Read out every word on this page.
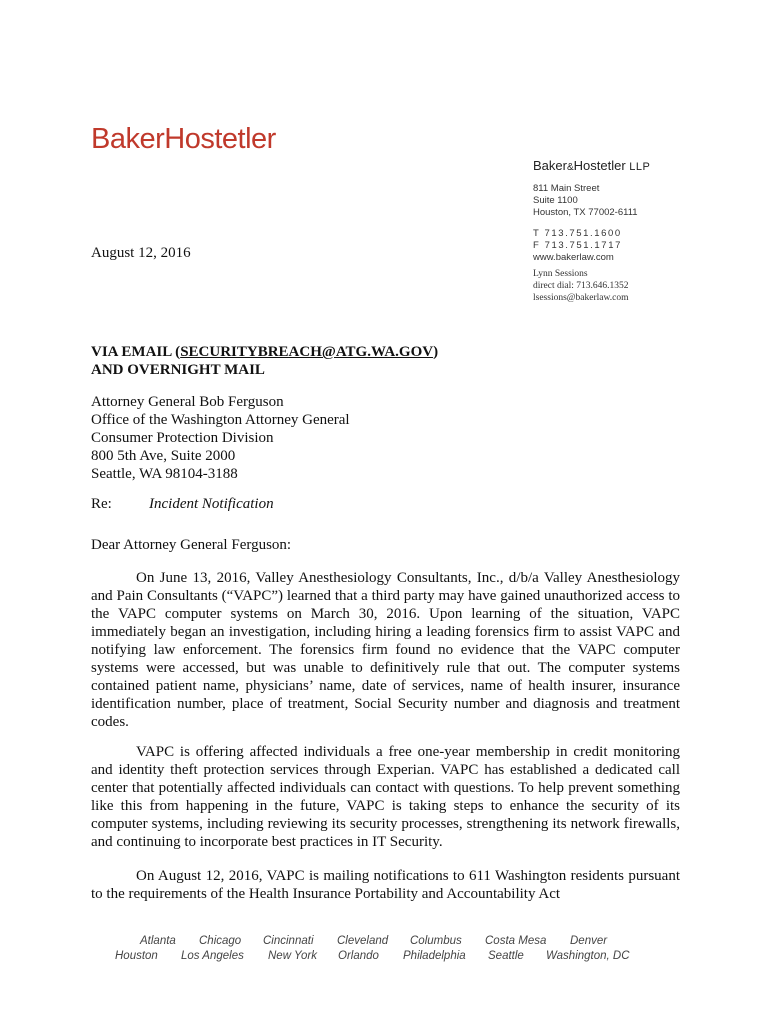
BakerHostetler
Baker&Hostetler LLP
811 Main Street
Suite 1100
Houston, TX 77002-6111
T 713.751.1600
F 713.751.1717
www.bakerlaw.com
Lynn Sessions
direct dial: 713.646.1352
lsessions@bakerlaw.com
August 12, 2016
VIA EMAIL (SECURITYBREACH@ATG.WA.GOV)
AND OVERNIGHT MAIL
Attorney General Bob Ferguson
Office of the Washington Attorney General
Consumer Protection Division
800 5th Ave, Suite 2000
Seattle, WA 98104-3188
Re: Incident Notification
Dear Attorney General Ferguson:
On June 13, 2016, Valley Anesthesiology Consultants, Inc., d/b/a Valley Anesthesiology and Pain Consultants (“VAPC”) learned that a third party may have gained unauthorized access to the VAPC computer systems on March 30, 2016. Upon learning of the situation, VAPC immediately began an investigation, including hiring a leading forensics firm to assist VAPC and notifying law enforcement. The forensics firm found no evidence that the VAPC computer systems were accessed, but was unable to definitively rule that out. The computer systems contained patient name, physicians’ name, date of services, name of health insurer, insurance identification number, place of treatment, Social Security number and diagnosis and treatment codes.
VAPC is offering affected individuals a free one-year membership in credit monitoring and identity theft protection services through Experian. VAPC has established a dedicated call center that potentially affected individuals can contact with questions. To help prevent something like this from happening in the future, VAPC is taking steps to enhance the security of its computer systems, including reviewing its security processes, strengthening its network firewalls, and continuing to incorporate best practices in IT Security.
On August 12, 2016, VAPC is mailing notifications to 611 Washington residents pursuant to the requirements of the Health Insurance Portability and Accountability Act
Atlanta Chicago Cincinnati Cleveland Columbus Costa Mesa Denver
Houston Los Angeles New York Orlando Philadelphia Seattle Washington, DC
